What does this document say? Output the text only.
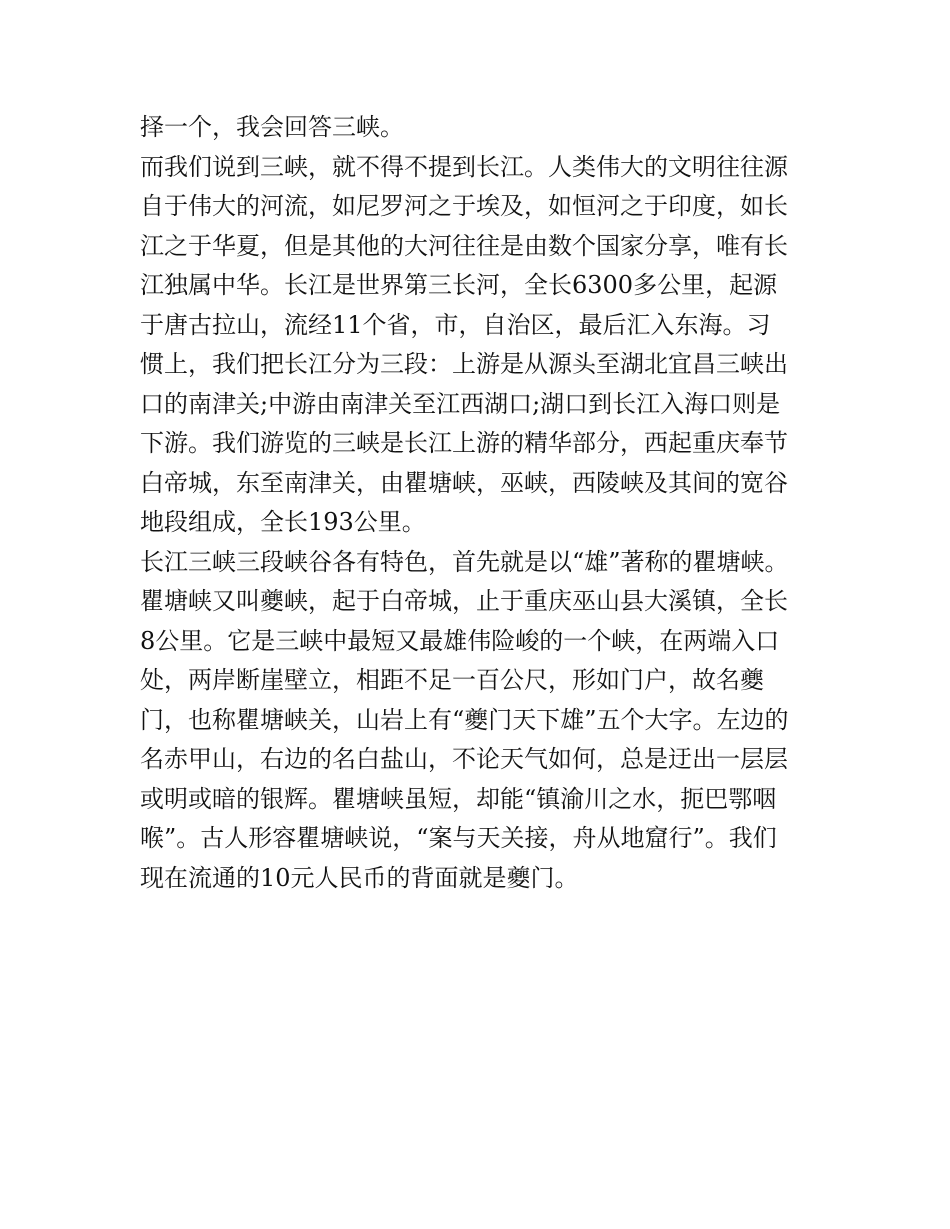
择一个，我会回答三峡。
而我们说到三峡，就不得不提到长江。人类伟大的文明往往源
自于伟大的河流，如尼罗河之于埃及，如恒河之于印度，如长
江之于华夏，但是其他的大河往往是由数个国家分享，唯有长
江独属中华。长江是世界第三长河，全长6300多公里，起源
于唐古拉山，流经11个省，市，自治区，最后汇入东海。习
惯上，我们把长江分为三段：上游是从源头至湖北宜昌三峡出
口的南津关;中游由南津关至江西湖口;湖口到长江入海口则是
下游。我们游览的三峡是长江上游的精华部分，西起重庆奉节
白帝城，东至南津关，由瞿塘峡，巫峡，西陵峡及其间的宽谷
地段组成，全长193公里。
长江三峡三段峡谷各有特色，首先就是以“雄”著称的瞿塘峡。
瞿塘峡又叫夔峡，起于白帝城，止于重庆巫山县大溪镇，全长
8公里。它是三峡中最短又最雄伟险峻的一个峡，在两端入口
处，两岸断崖壁立，相距不足一百公尺，形如门户，故名夔
门，也称瞿塘峡关，山岩上有“夔门天下雄”五个大字。左边的
名赤甲山，右边的名白盐山，不论天气如何，总是迂出一层层
或明或暗的银辉。瞿塘峡虽短，却能“镇渝川之水，扼巴鄂咽
喉”。古人形容瞿塘峡说，“案与天关接，舟从地窟行”。我们
现在流通的10元人民币的背面就是夔门。
